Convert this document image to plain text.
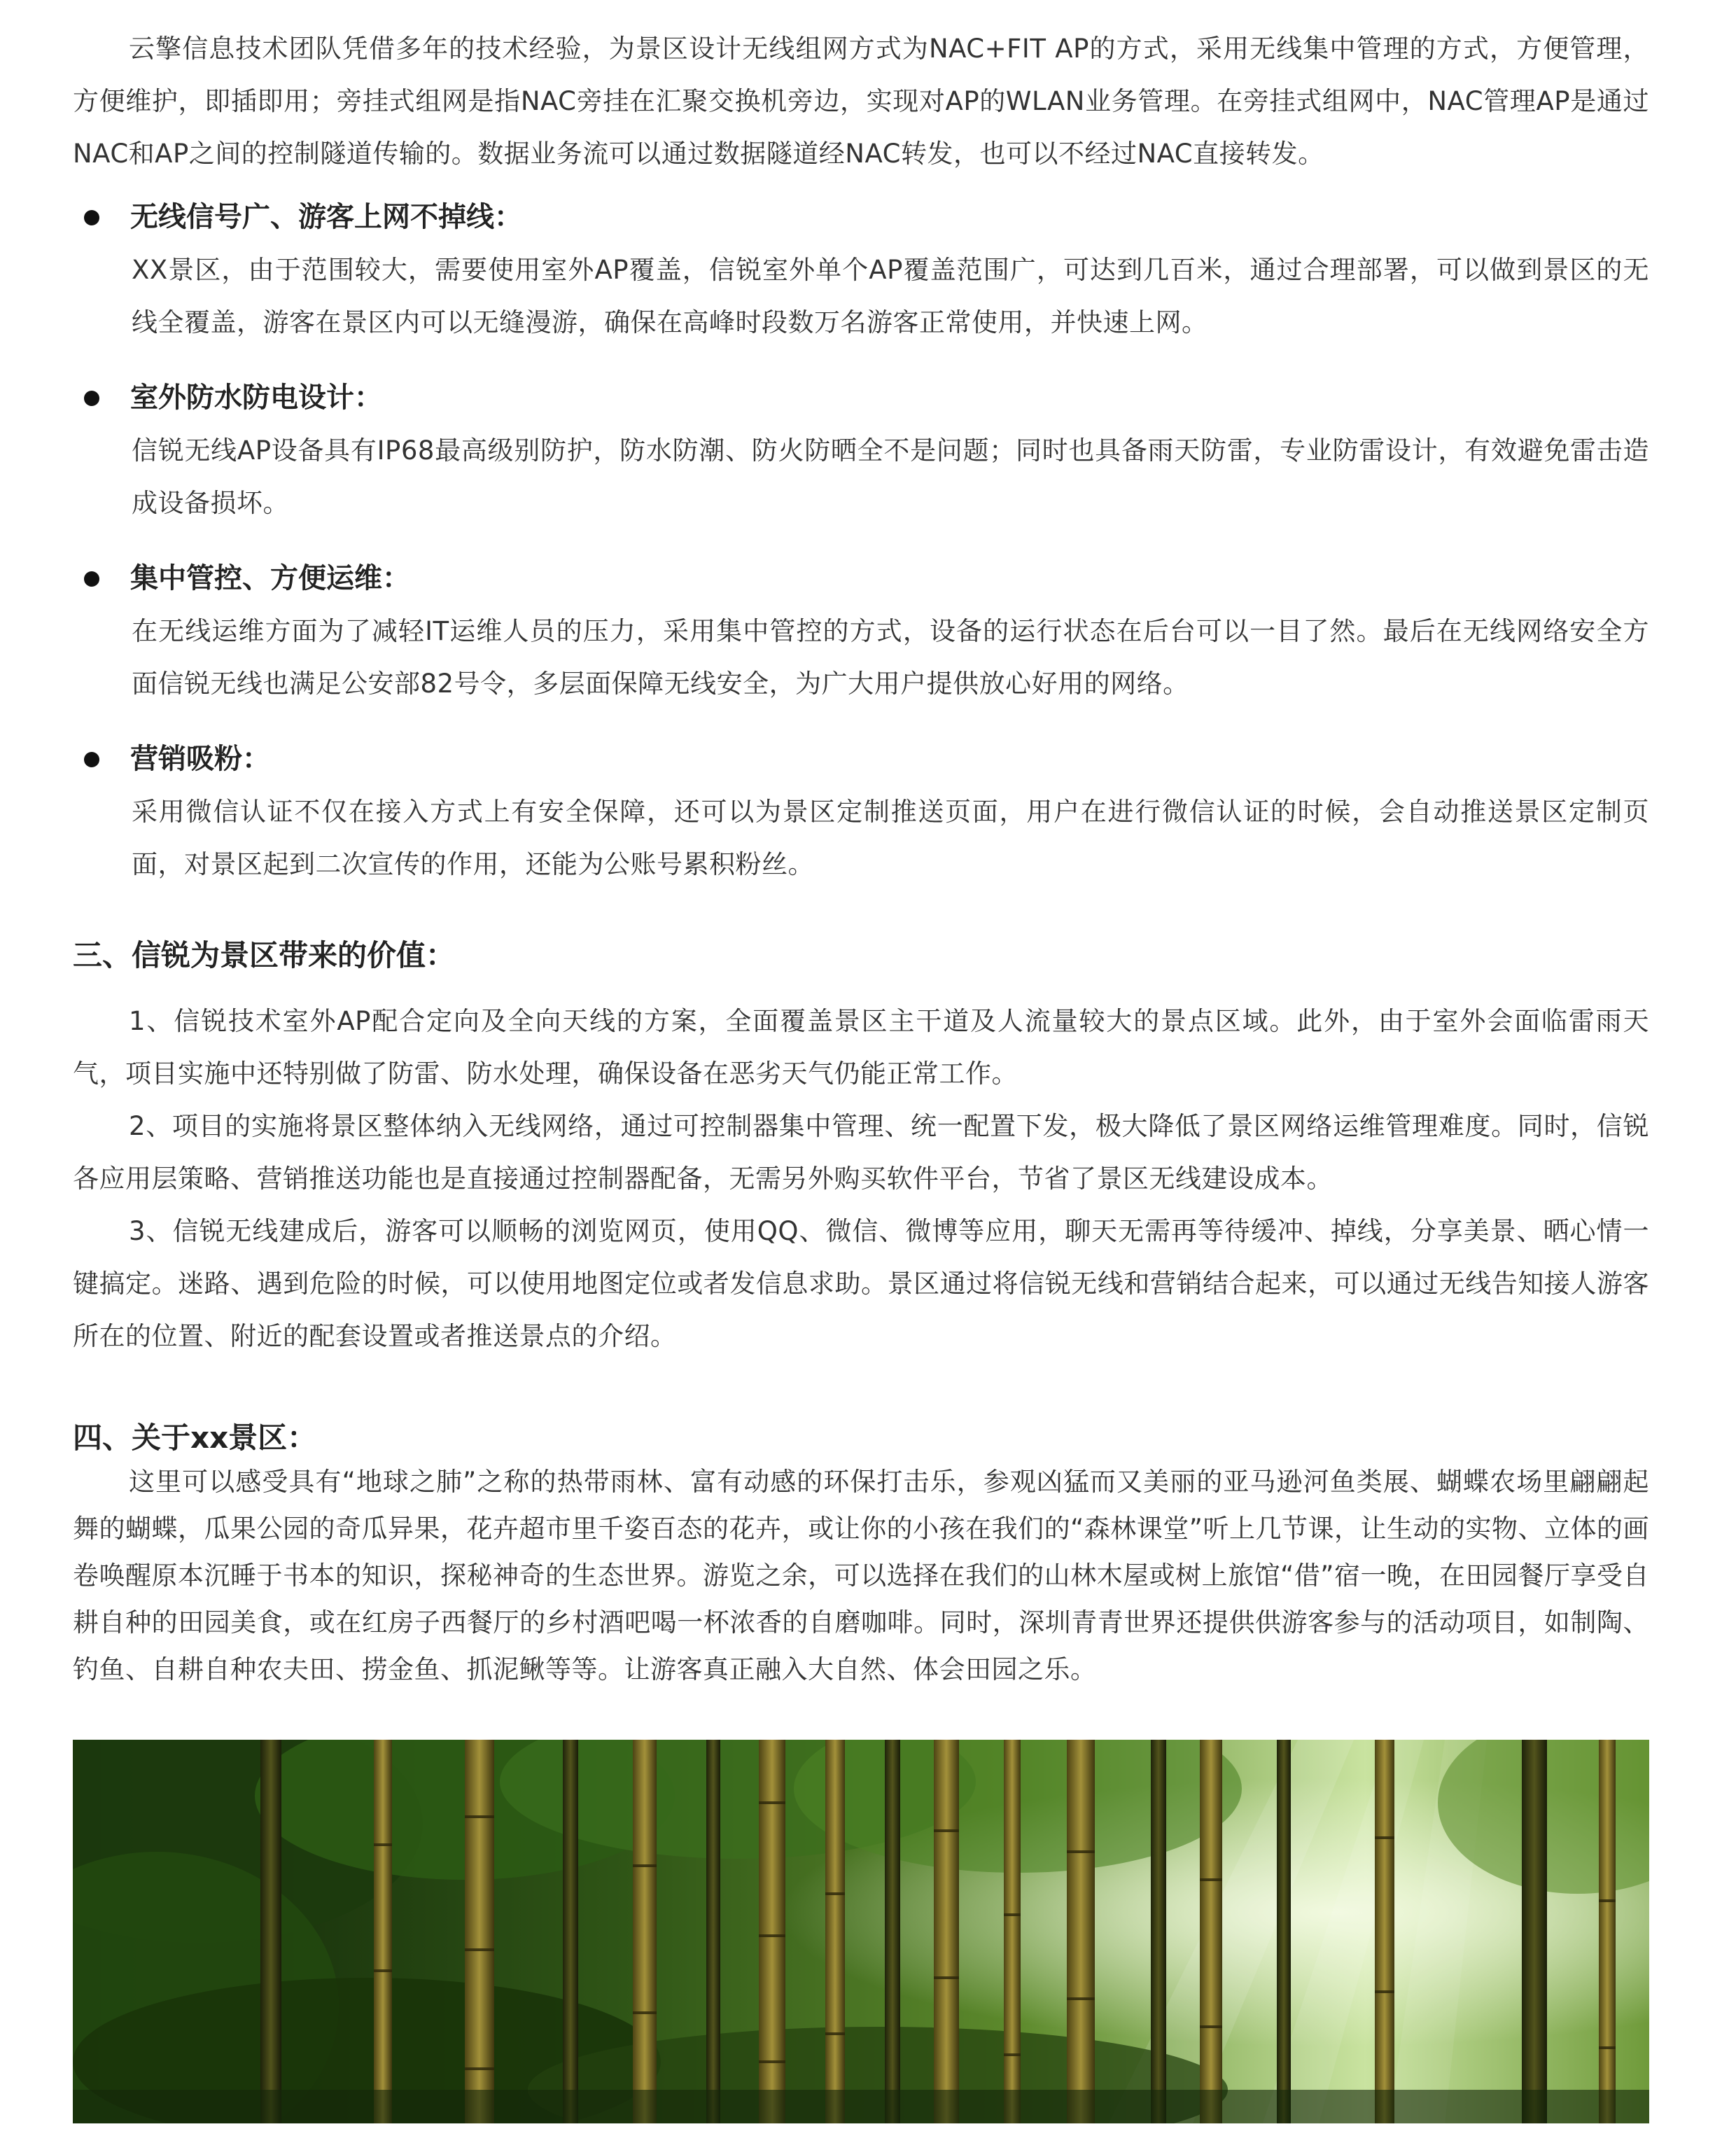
云擎信息技术团队凭借多年的技术经验，为景区设计无线组网方式为NAC+FIT AP的方式，采用无线集中管理的方式，方便管理，方便维护，即插即用；旁挂式组网是指NAC旁挂在汇聚交换机旁边，实现对AP的WLAN业务管理。在旁挂式组网中，NAC管理AP是通过NAC和AP之间的控制隧道传输的。数据业务流可以通过数据隧道经NAC转发，也可以不经过NAC直接转发。

无线信号广、游客上网不掉线：

XX景区，由于范围较大，需要使用室外AP覆盖，信锐室外单个AP覆盖范围广，可达到几百米，通过合理部署，可以做到景区的无线全覆盖，游客在景区内可以无缝漫游，确保在高峰时段数万名游客正常使用，并快速上网。

室外防水防电设计：

信锐无线AP设备具有IP68最高级别防护，防水防潮、防火防晒全不是问题；同时也具备雨天防雷，专业防雷设计，有效避免雷击造成设备损坏。

集中管控、方便运维：

在无线运维方面为了减轻IT运维人员的压力，采用集中管控的方式，设备的运行状态在后台可以一目了然。最后在无线网络安全方面信锐无线也满足公安部82号令，多层面保障无线安全，为广大用户提供放心好用的网络。

营销吸粉：

采用微信认证不仅在接入方式上有安全保障，还可以为景区定制推送页面，用户在进行微信认证的时候，会自动推送景区定制页面，对景区起到二次宣传的作用，还能为公账号累积粉丝。

三、信锐为景区带来的价值：

1、信锐技术室外AP配合定向及全向天线的方案，全面覆盖景区主干道及人流量较大的景点区域。此外，由于室外会面临雷雨天气，项目实施中还特别做了防雷、防水处理，确保设备在恶劣天气仍能正常工作。

2、项目的实施将景区整体纳入无线网络，通过可控制器集中管理、统一配置下发，极大降低了景区网络运维管理难度。同时，信锐各应用层策略、营销推送功能也是直接通过控制器配备，无需另外购买软件平台，节省了景区无线建设成本。

3、信锐无线建成后，游客可以顺畅的浏览网页，使用QQ、微信、微博等应用，聊天无需再等待缓冲、掉线，分享美景、晒心情一键搞定。迷路、遇到危险的时候，可以使用地图定位或者发信息求助。景区通过将信锐无线和营销结合起来，可以通过无线告知接人游客所在的位置、附近的配套设置或者推送景点的介绍。

四、关于xx景区：

这里可以感受具有“地球之肺”之称的热带雨林、富有动感的环保打击乐，参观凶猛而又美丽的亚马逊河鱼类展、蝴蝶农场里翩翩起舞的蝴蝶，瓜果公园的奇瓜异果，花卉超市里千姿百态的花卉，或让你的小孩在我们的“森林课堂”听上几节课，让生动的实物、立体的画卷唤醒原本沉睡于书本的知识，探秘神奇的生态世界。游览之余，可以选择在我们的山林木屋或树上旅馆“借”宿一晚，在田园餐厅享受自耕自种的田园美食，或在红房子西餐厅的乡村酒吧喝一杯浓香的自磨咖啡。同时，深圳青青世界还提供供游客参与的活动项目，如制陶、钓鱼、自耕自种农夫田、捞金鱼、抓泥鳅等等。让游客真正融入大自然、体会田园之乐。
